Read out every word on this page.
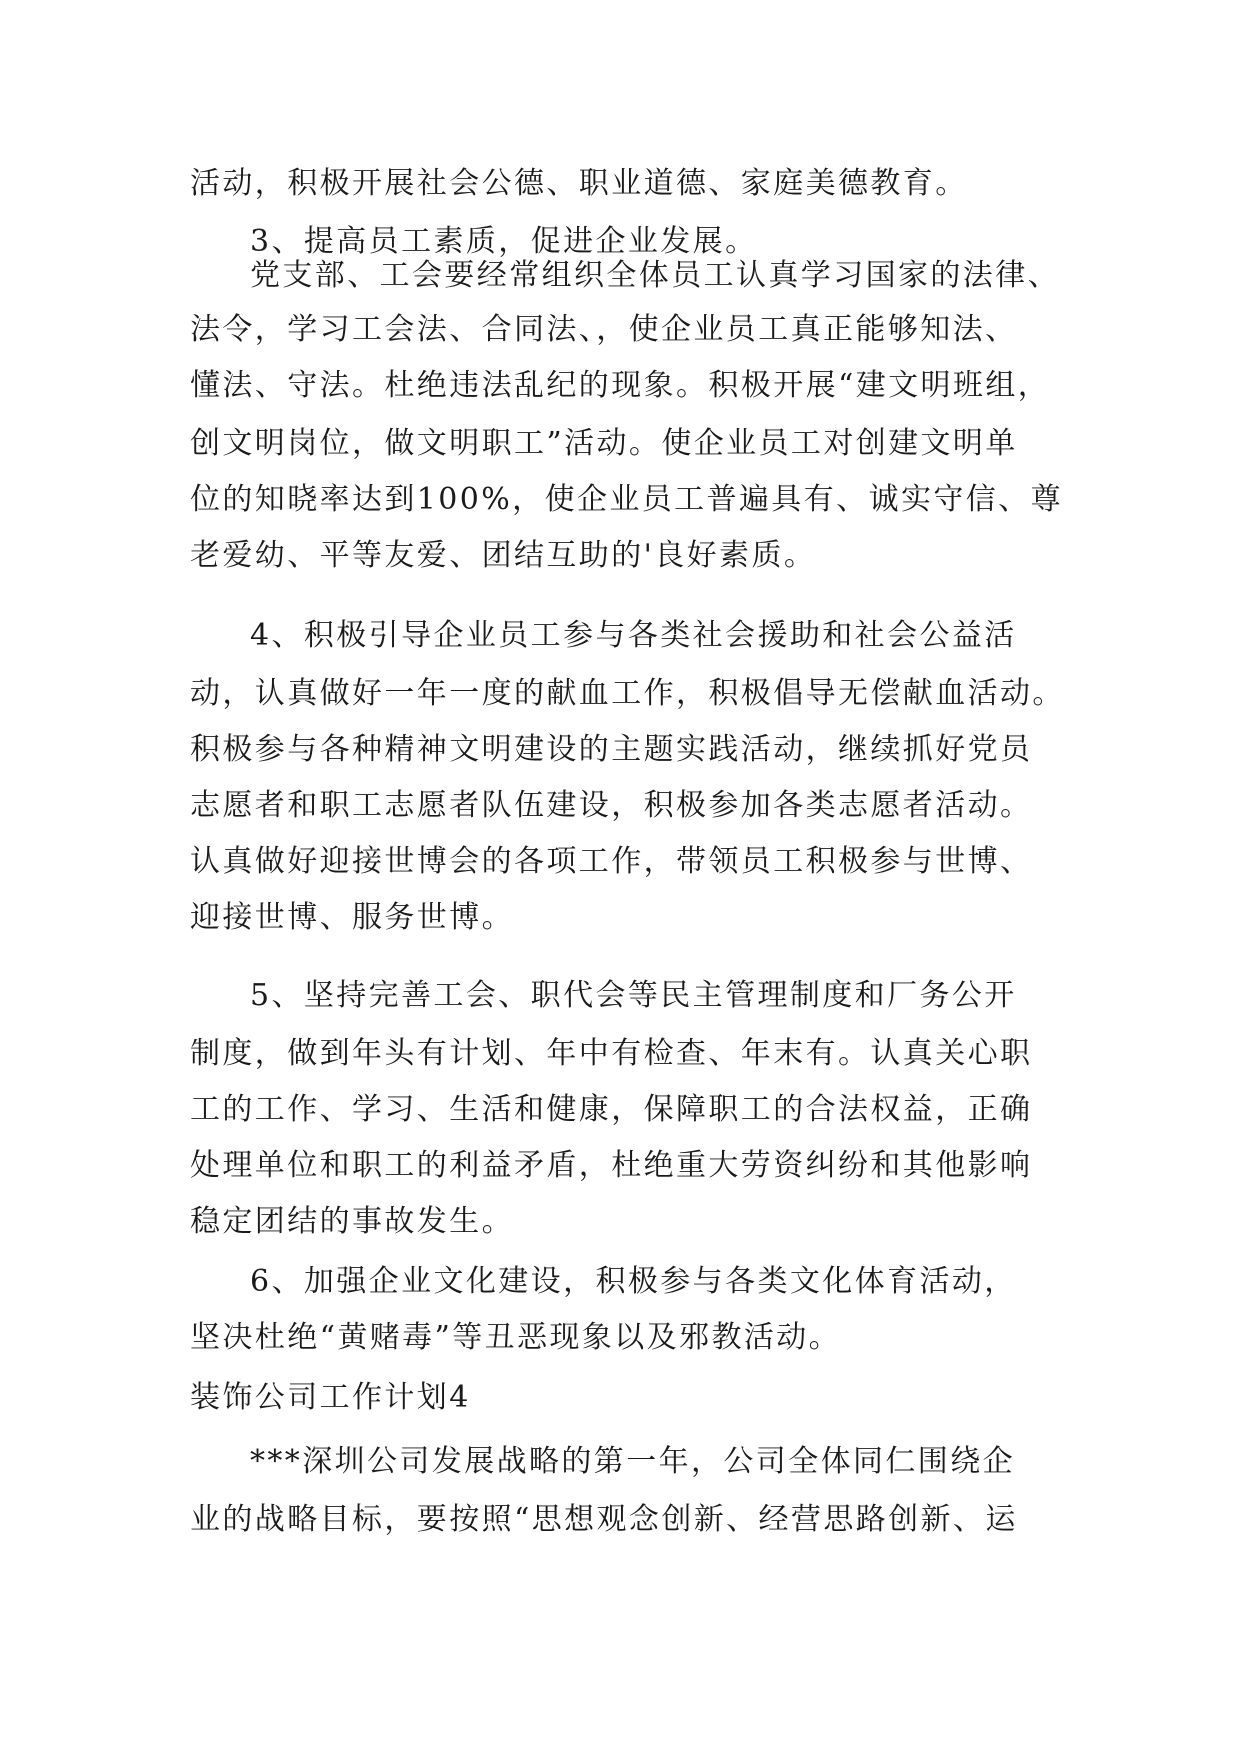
活动，积极开展社会公德、职业道德、家庭美德教育。
3、提高员工素质，促进企业发展。
党支部、工会要经常组织全体员工认真学习国家的法律、
法令，学习工会法、合同法、，使企业员工真正能够知法、
懂法、守法。杜绝违法乱纪的现象。积极开展“建文明班组，
创文明岗位，做文明职工”活动。使企业员工对创建文明单
位的知晓率达到100%，使企业员工普遍具有、诚实守信、尊
老爱幼、平等友爱、团结互助的'良好素质。
4、积极引导企业员工参与各类社会援助和社会公益活
动，认真做好一年一度的献血工作，积极倡导无偿献血活动。
积极参与各种精神文明建设的主题实践活动，继续抓好党员
志愿者和职工志愿者队伍建设，积极参加各类志愿者活动。
认真做好迎接世博会的各项工作，带领员工积极参与世博、
迎接世博、服务世博。
5、坚持完善工会、职代会等民主管理制度和厂务公开
制度，做到年头有计划、年中有检查、年末有。认真关心职
工的工作、学习、生活和健康，保障职工的合法权益，正确
处理单位和职工的利益矛盾，杜绝重大劳资纠纷和其他影响
稳定团结的事故发生。
6、加强企业文化建设，积极参与各类文化体育活动，
坚决杜绝“黄赌毒”等丑恶现象以及邪教活动。
装饰公司工作计划4
***深圳公司发展战略的第一年，公司全体同仁围绕企
业的战略目标，要按照“思想观念创新、经营思路创新、运
